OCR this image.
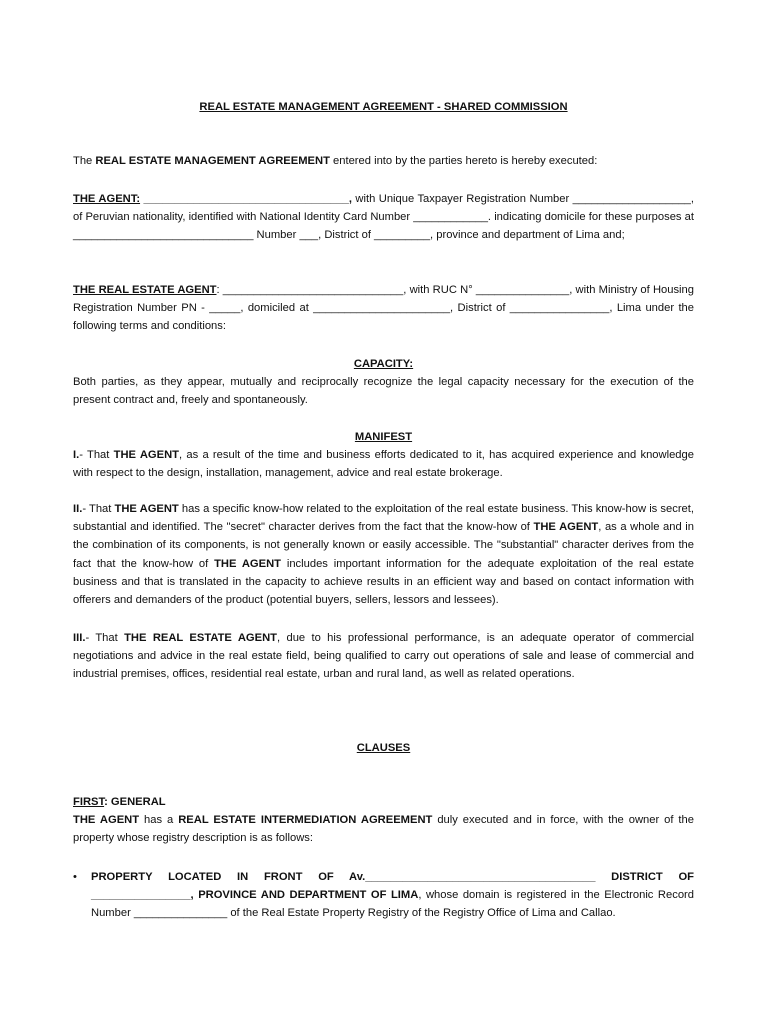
REAL ESTATE MANAGEMENT AGREEMENT - SHARED COMMISSION

The REAL ESTATE MANAGEMENT AGREEMENT entered into by the parties hereto is hereby executed:

THE AGENT: _________________________________, with Unique Taxpayer Registration Number ___________________, of Peruvian nationality, identified with National Identity Card Number ____________. indicating domicile for these purposes at _____________________________ Number ___, District of _________, province and department of Lima and;

THE REAL ESTATE AGENT: _____________________________, with RUC N° _______________, with Ministry of Housing Registration Number PN - _____, domiciled at ______________________, District of ________________, Lima under the following terms and conditions:

CAPACITY:

Both parties, as they appear, mutually and reciprocally recognize the legal capacity necessary for the execution of the present contract and, freely and spontaneously.

MANIFEST

I.- That THE AGENT, as a result of the time and business efforts dedicated to it, has acquired experience and knowledge with respect to the design, installation, management, advice and real estate brokerage.

II.- That THE AGENT has a specific know-how related to the exploitation of the real estate business. This know-how is secret, substantial and identified. The "secret" character derives from the fact that the know-how of THE AGENT, as a whole and in the combination of its components, is not generally known or easily accessible. The "substantial" character derives from the fact that the know-how of THE AGENT includes important information for the adequate exploitation of the real estate business and that is translated in the capacity to achieve results in an efficient way and based on contact information with offerers and demanders of the product (potential buyers, sellers, lessors and lessees).

III.- That THE REAL ESTATE AGENT, due to his professional performance, is an adequate operator of commercial negotiations and advice in the real estate field, being qualified to carry out operations of sale and lease of commercial and industrial premises, offices, residential real estate, urban and rural land, as well as related operations.

CLAUSES

FIRST: GENERAL

THE AGENT has a REAL ESTATE INTERMEDIATION AGREEMENT duly executed and in force, with the owner of the property whose registry description is as follows:

• PROPERTY LOCATED IN FRONT OF Av._____________________________________ DISTRICT OF ________________, PROVINCE AND DEPARTMENT OF LIMA, whose domain is registered in the Electronic Record Number _______________ of the Real Estate Property Registry of the Registry Office of Lima and Callao.
